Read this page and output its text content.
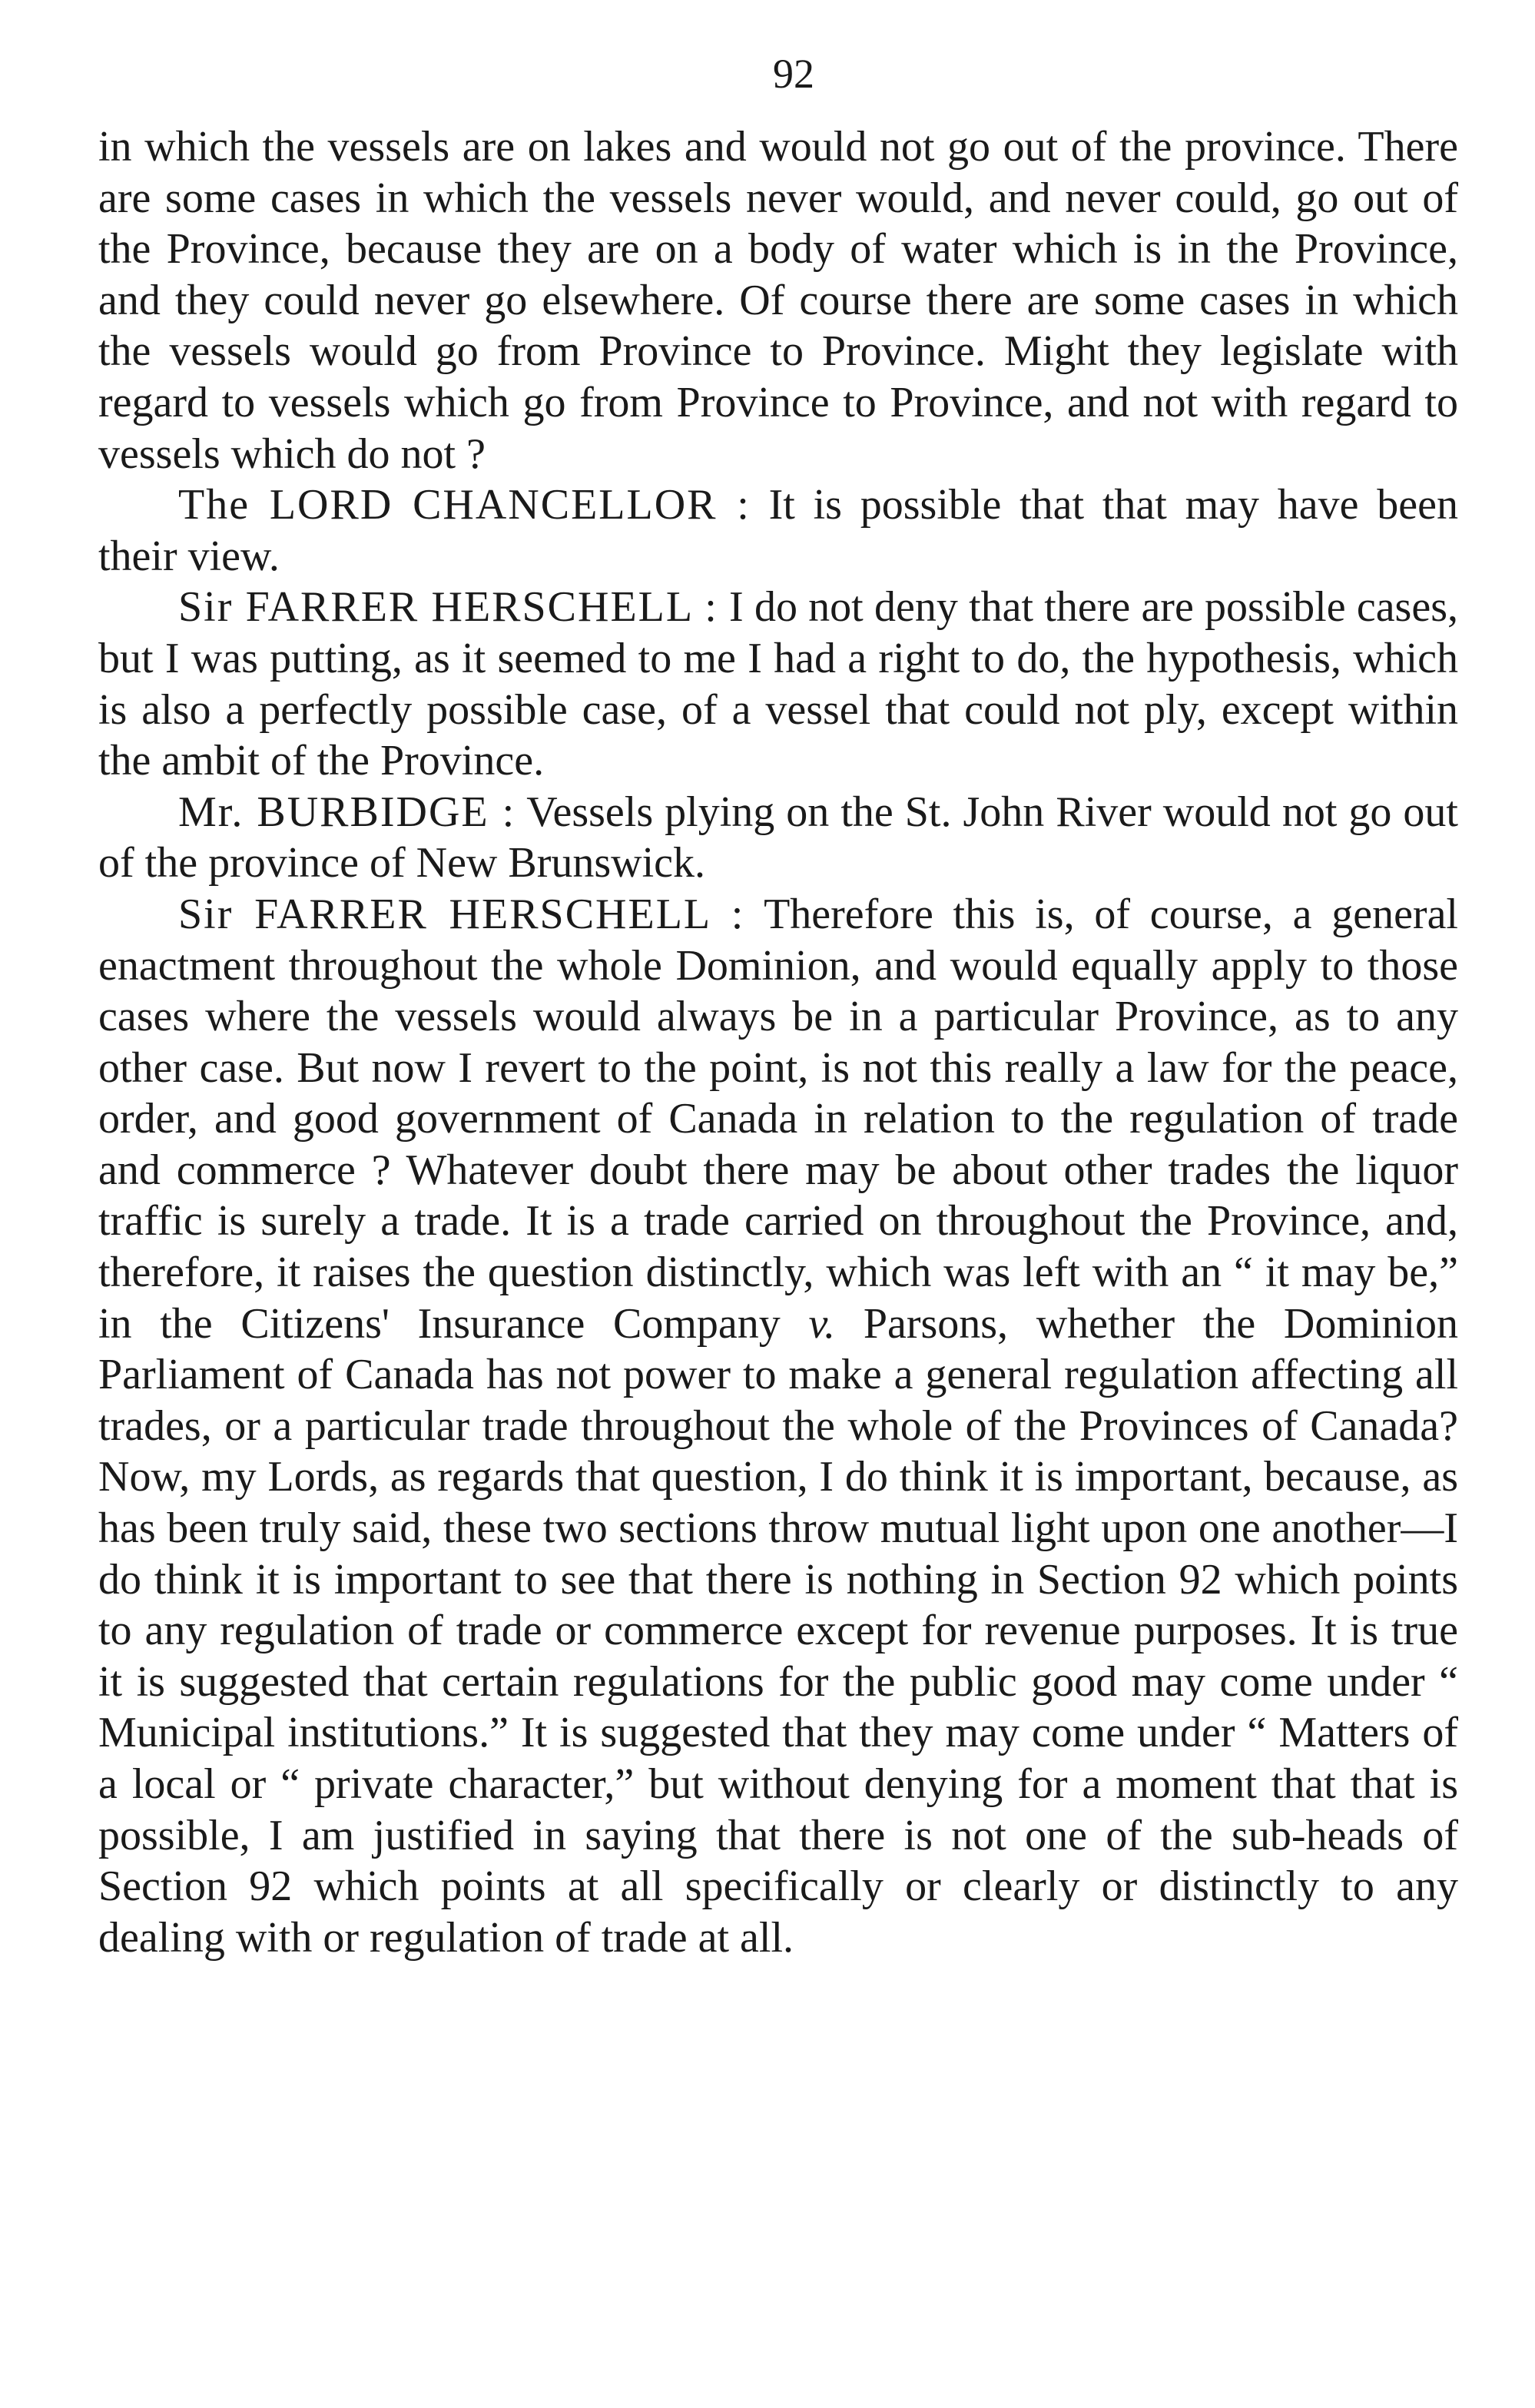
92

in which the vessels are on lakes and would not go out of the province. There are some cases in which the vessels never would, and never could, go out of the Province, because they are on a body of water which is in the Province, and they could never go elsewhere. Of course there are some cases in which the vessels would go from Province to Province. Might they legislate with regard to vessels which go from Province to Province, and not with regard to vessels which do not ?

The LORD CHANCELLOR : It is possible that that may have been their view.

Sir FARRER HERSCHELL : I do not deny that there are possible cases, but I was putting, as it seemed to me I had a right to do, the hypothesis, which is also a perfectly possible case, of a vessel that could not ply, except within the ambit of the Province.

Mr. BURBIDGE : Vessels plying on the St. John River would not go out of the province of New Brunswick.

Sir FARRER HERSCHELL : Therefore this is, of course, a general enactment throughout the whole Dominion, and would equally apply to those cases where the vessels would always be in a particular Province, as to any other case. But now I revert to the point, is not this really a law for the peace, order, and good government of Canada in relation to the regulation of trade and commerce ? Whatever doubt there may be about other trades the liquor traffic is surely a trade. It is a trade carried on throughout the Province, and, therefore, it raises the question distinctly, which was left with an “ it may be,” in the Citizens' Insurance Company v. Parsons, whether the Dominion Parliament of Canada has not power to make a general regulation affecting all trades, or a particular trade throughout the whole of the Provinces of Canada? Now, my Lords, as regards that question, I do think it is important, because, as has been truly said, these two sections throw mutual light upon one another—I do think it is important to see that there is nothing in Section 92 which points to any regulation of trade or commerce except for revenue purposes. It is true it is suggested that certain regulations for the public good may come under “ Municipal institutions.” It is suggested that they may come under “ Matters of a local or “ private character,” but without denying for a moment that that is possible, I am justified in saying that there is not one of the sub-heads of Section 92 which points at all specifically or clearly or distinctly to any dealing with or regulation of trade at all.
